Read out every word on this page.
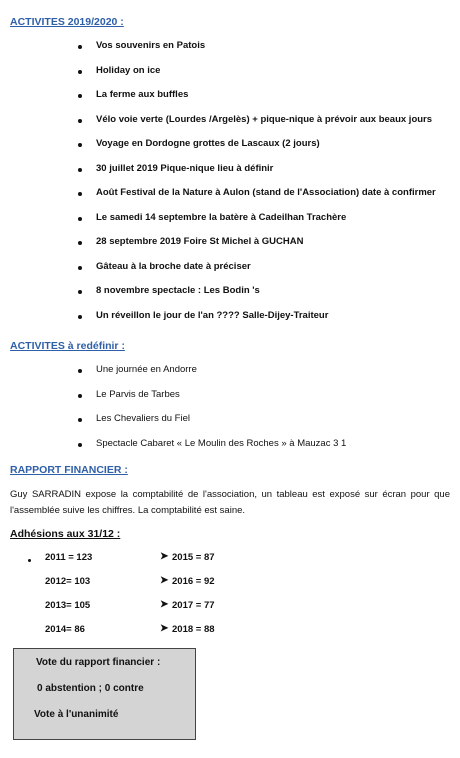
ACTIVITES 2019/2020 :
Vos souvenirs en Patois
Holiday on ice
La ferme aux buffles
Vélo voie verte (Lourdes /Argelès) + pique-nique à prévoir aux beaux jours
Voyage en Dordogne grottes de Lascaux (2 jours)
30 juillet 2019 Pique-nique lieu à définir
Août Festival de la Nature à Aulon (stand de l'Association) date à confirmer
Le samedi 14 septembre la batère à Cadeilhan Trachère
28 septembre 2019 Foire St Michel à GUCHAN
Gâteau à la broche date à préciser
8 novembre spectacle : Les Bodin 's
Un réveillon le jour de l'an ???? Salle-Dijey-Traiteur
ACTIVITES à redéfinir :
Une journée en Andorre
Le Parvis de Tarbes
Les Chevaliers du Fiel
Spectacle Cabaret « Le Moulin des Roches » à Mauzac 3 1
RAPPORT FINANCIER :
Guy SARRADIN expose la comptabilité de l'association, un tableau est exposé sur écran pour que l'assemblée suive les chiffres. La comptabilité est saine.
Adhésions aux 31/12 :
2011 = 123	➤ 2015 = 87
2012= 103	➤ 2016 = 92
2013= 105	➤ 2017 = 77
2014= 86	➤ 2018 = 88
Vote du rapport financier :
0 abstention ; 0 contre
Vote à l'unanimité
